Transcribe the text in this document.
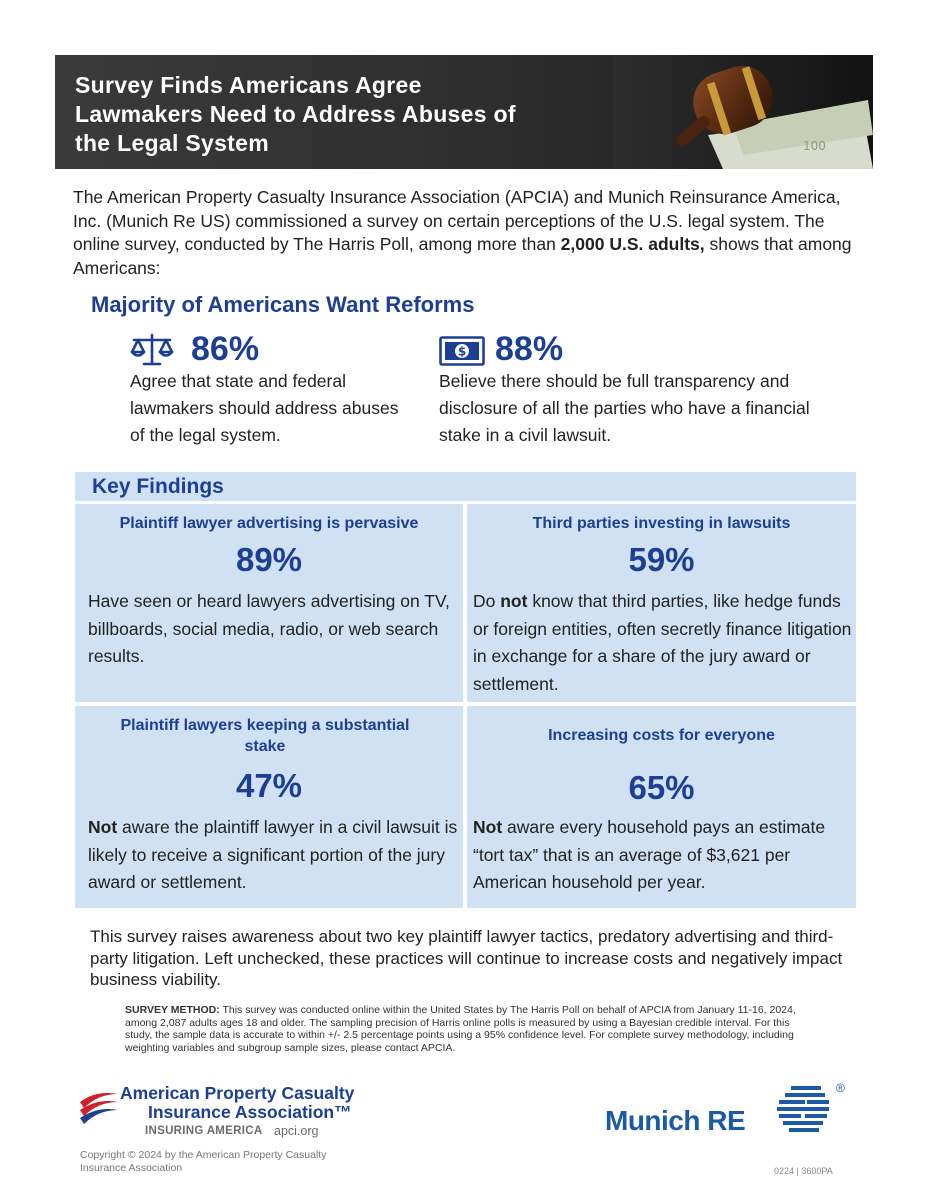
Survey Finds Americans Agree Lawmakers Need to Address Abuses of the Legal System	100
The American Property Casualty Insurance Association (APCIA) and Munich Reinsurance America, Inc. (Munich Re US) commissioned a survey on certain perceptions of the U.S. legal system. The online survey, conducted by The Harris Poll, among more than 2,000 U.S. adults, shows that among Americans:
Majority of Americans Want Reforms
86%
Agree that state and federal lawmakers should address abuses of the legal system.
$ 88%
Believe there should be full transparency and disclosure of all the parties who have a financial stake in a civil lawsuit.
Key Findings
Plaintiff lawyer advertising is pervasive
89%
Have seen or heard lawyers advertising on TV, billboards, social media, radio, or web search results.
Third parties investing in lawsuits
59%
Do not know that third parties, like hedge funds or foreign entities, often secretly finance litigation in exchange for a share of the jury award or settlement.
Plaintiff lawyers keeping a substantial stake
47%
Not aware the plaintiff lawyer in a civil lawsuit is likely to receive a significant portion of the jury award or settlement.
Increasing costs for everyone
65%
Not aware every household pays an estimate “tort tax” that is an average of $3,621 per American household per year.
This survey raises awareness about two key plaintiff lawyer tactics, predatory advertising and third-party litigation. Left unchecked, these practices will continue to increase costs and negatively impact business viability.
SURVEY METHOD: This survey was conducted online within the United States by The Harris Poll on behalf of APCIA from January 11-16, 2024, among 2,087 adults ages 18 and older. The sampling precision of Harris online polls is measured by using a Bayesian credible interval. For this study, the sample data is accurate to within +/- 2.5 percentage points using a 95% confidence level. For complete survey methodology, including weighting variables and subgroup sample sizes, please contact APCIA.
American Property Casualty
Insurance Association™
INSURING AMERICA apci.org	Munich RE
®
Copyright © 2024 by the American Property Casualty Insurance Association	0224 | 3600PA
